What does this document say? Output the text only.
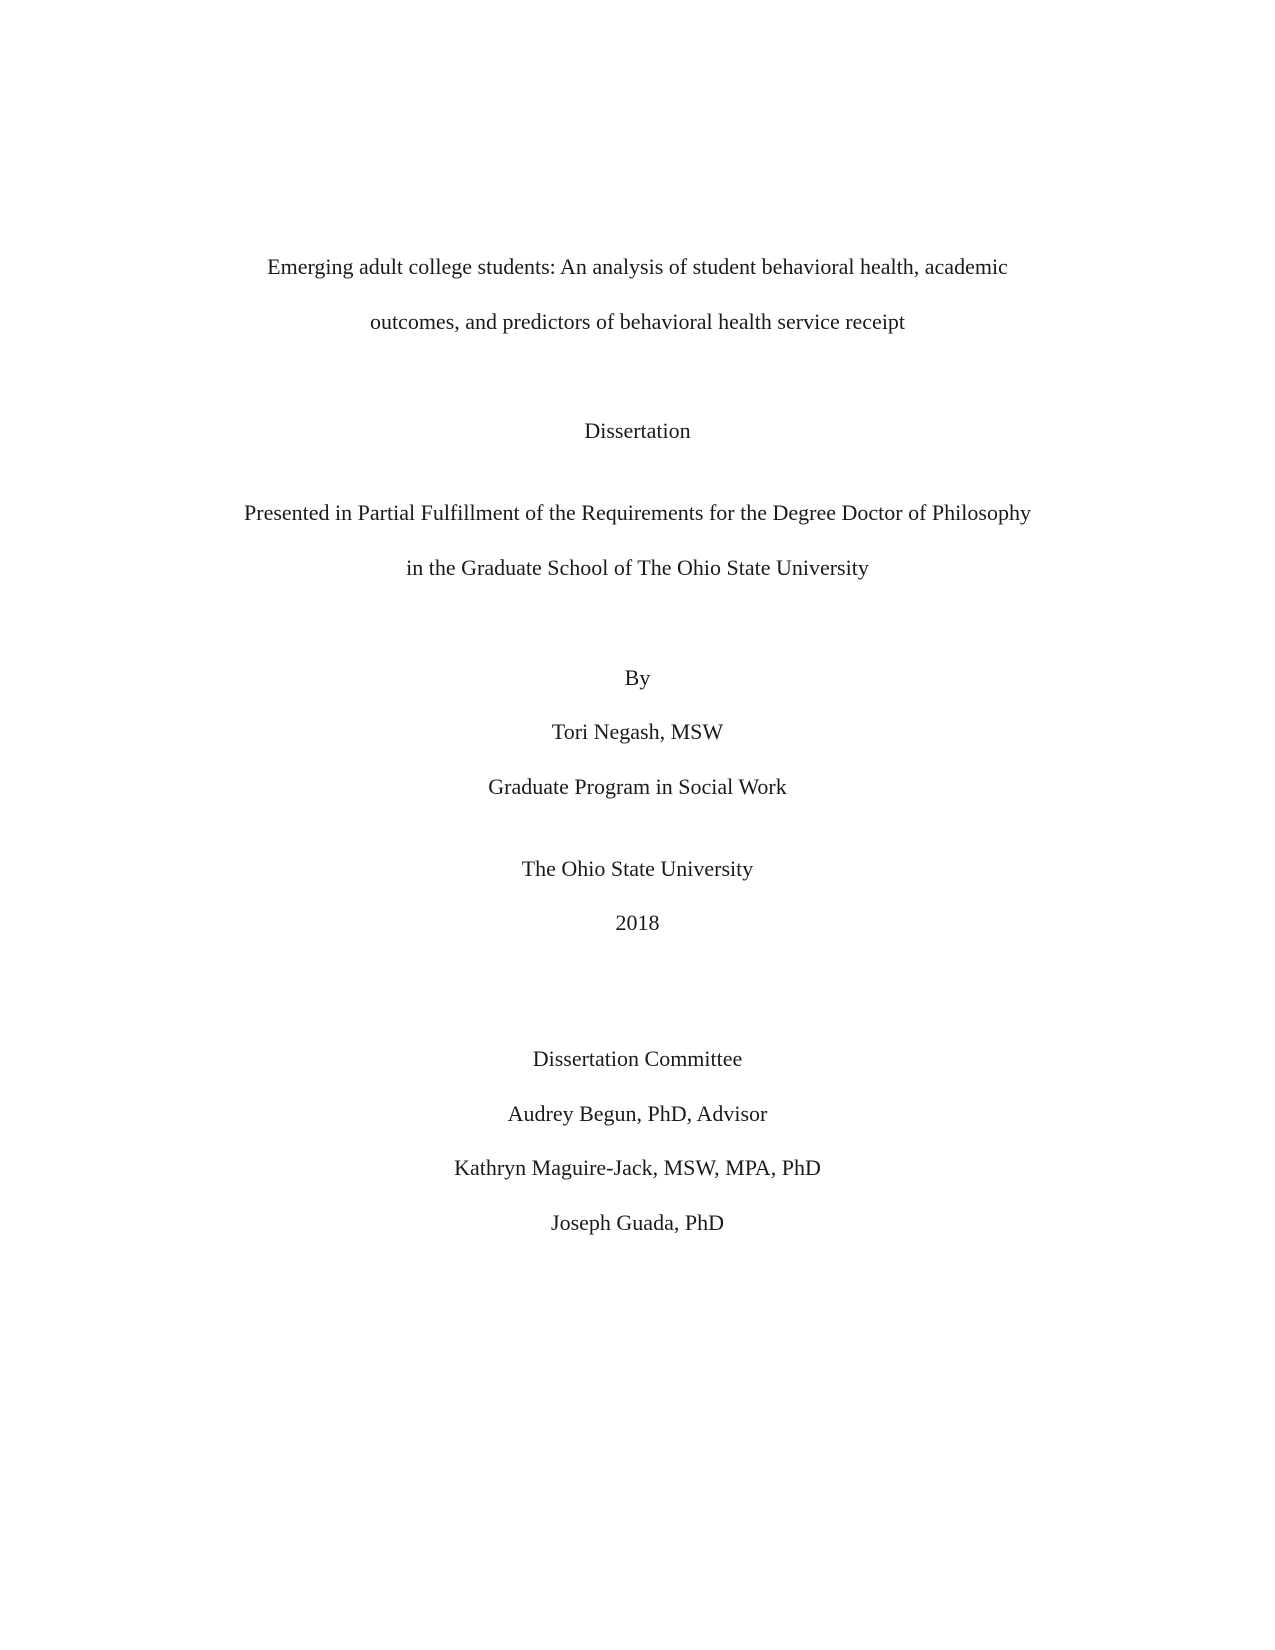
Emerging adult college students: An analysis of student behavioral health, academic
outcomes, and predictors of behavioral health service receipt
Dissertation
Presented in Partial Fulfillment of the Requirements for the Degree Doctor of Philosophy
in the Graduate School of The Ohio State University
By
Tori Negash, MSW
Graduate Program in Social Work
The Ohio State University
2018
Dissertation Committee
Audrey Begun, PhD, Advisor
Kathryn Maguire-Jack, MSW, MPA, PhD
Joseph Guada, PhD
